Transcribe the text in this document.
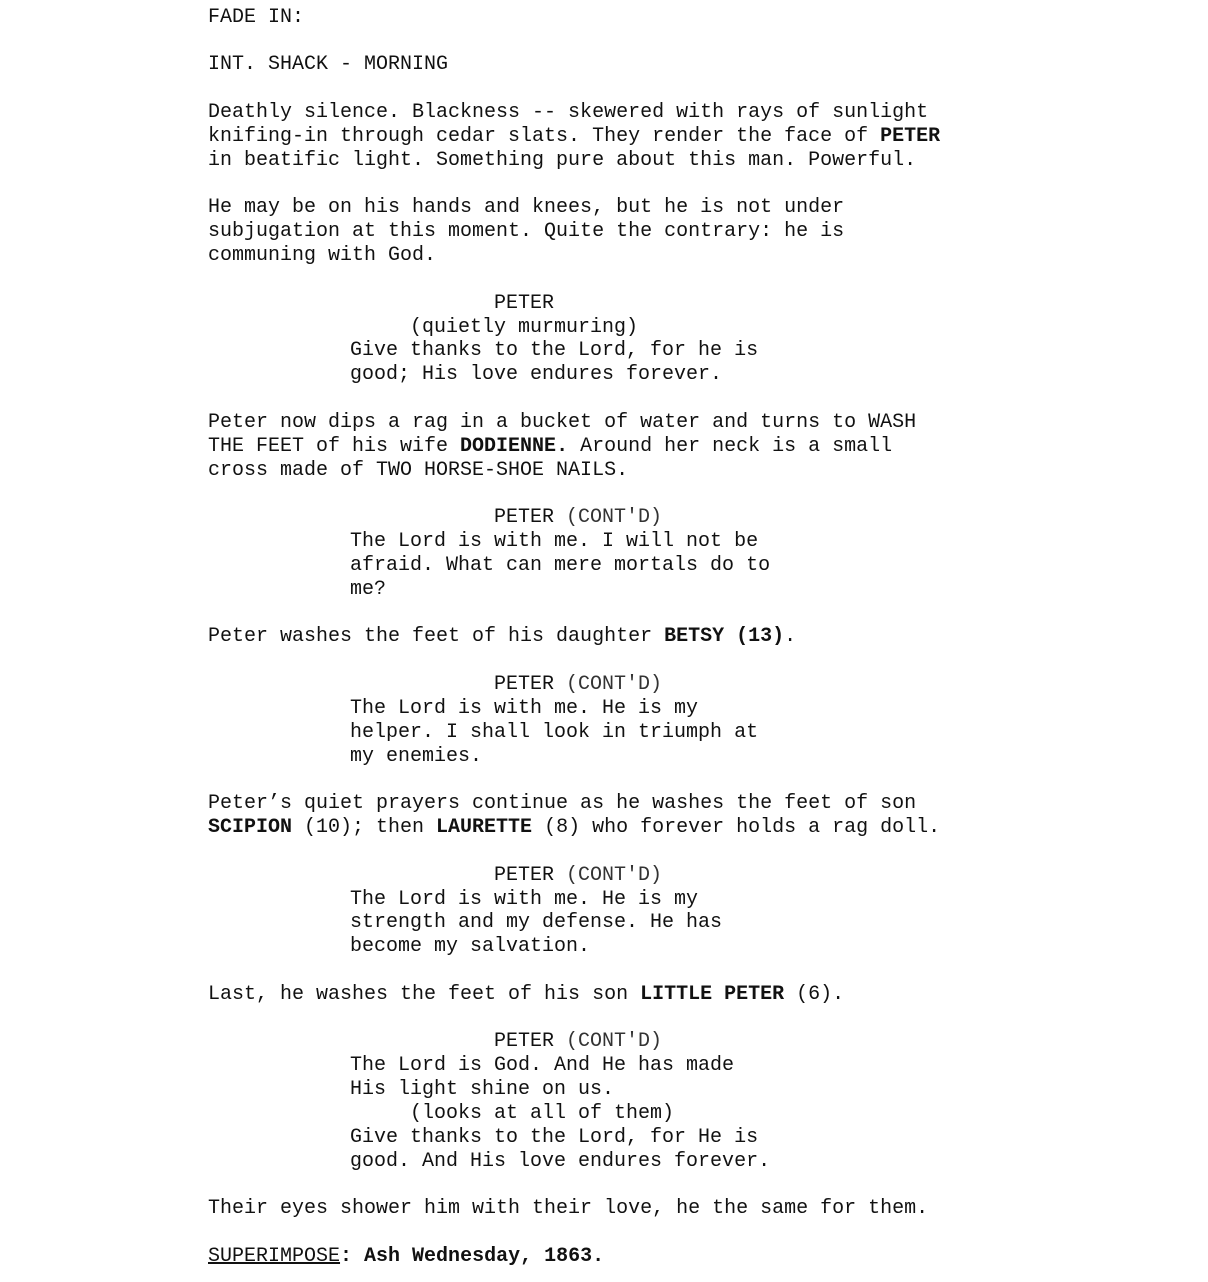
FADE IN:
INT. SHACK - MORNING
Deathly silence. Blackness -- skewered with rays of sunlight
knifing-in through cedar slats. They render the face of PETER
in beatific light. Something pure about this man. Powerful.
He may be on his hands and knees, but he is not under
subjugation at this moment. Quite the contrary: he is
communing with God.
PETER
(quietly murmuring)
Give thanks to the Lord, for he is
good; His love endures forever.
Peter now dips a rag in a bucket of water and turns to WASH
THE FEET of his wife DODIENNE. Around her neck is a small
cross made of TWO HORSE-SHOE NAILS.
PETER (CONT'D)
The Lord is with me. I will not be
afraid. What can mere mortals do to
me?
Peter washes the feet of his daughter BETSY (13).
PETER (CONT'D)
The Lord is with me. He is my
helper. I shall look in triumph at
my enemies.
Peter’s quiet prayers continue as he washes the feet of son
SCIPION (10); then LAURETTE (8) who forever holds a rag doll.
PETER (CONT'D)
The Lord is with me. He is my
strength and my defense. He has
become my salvation.
Last, he washes the feet of his son LITTLE PETER (6).
PETER (CONT'D)
The Lord is God. And He has made
His light shine on us.
(looks at all of them)
Give thanks to the Lord, for He is
good. And His love endures forever.
Their eyes shower him with their love, he the same for them.
SUPERIMPOSE: Ash Wednesday, 1863.
